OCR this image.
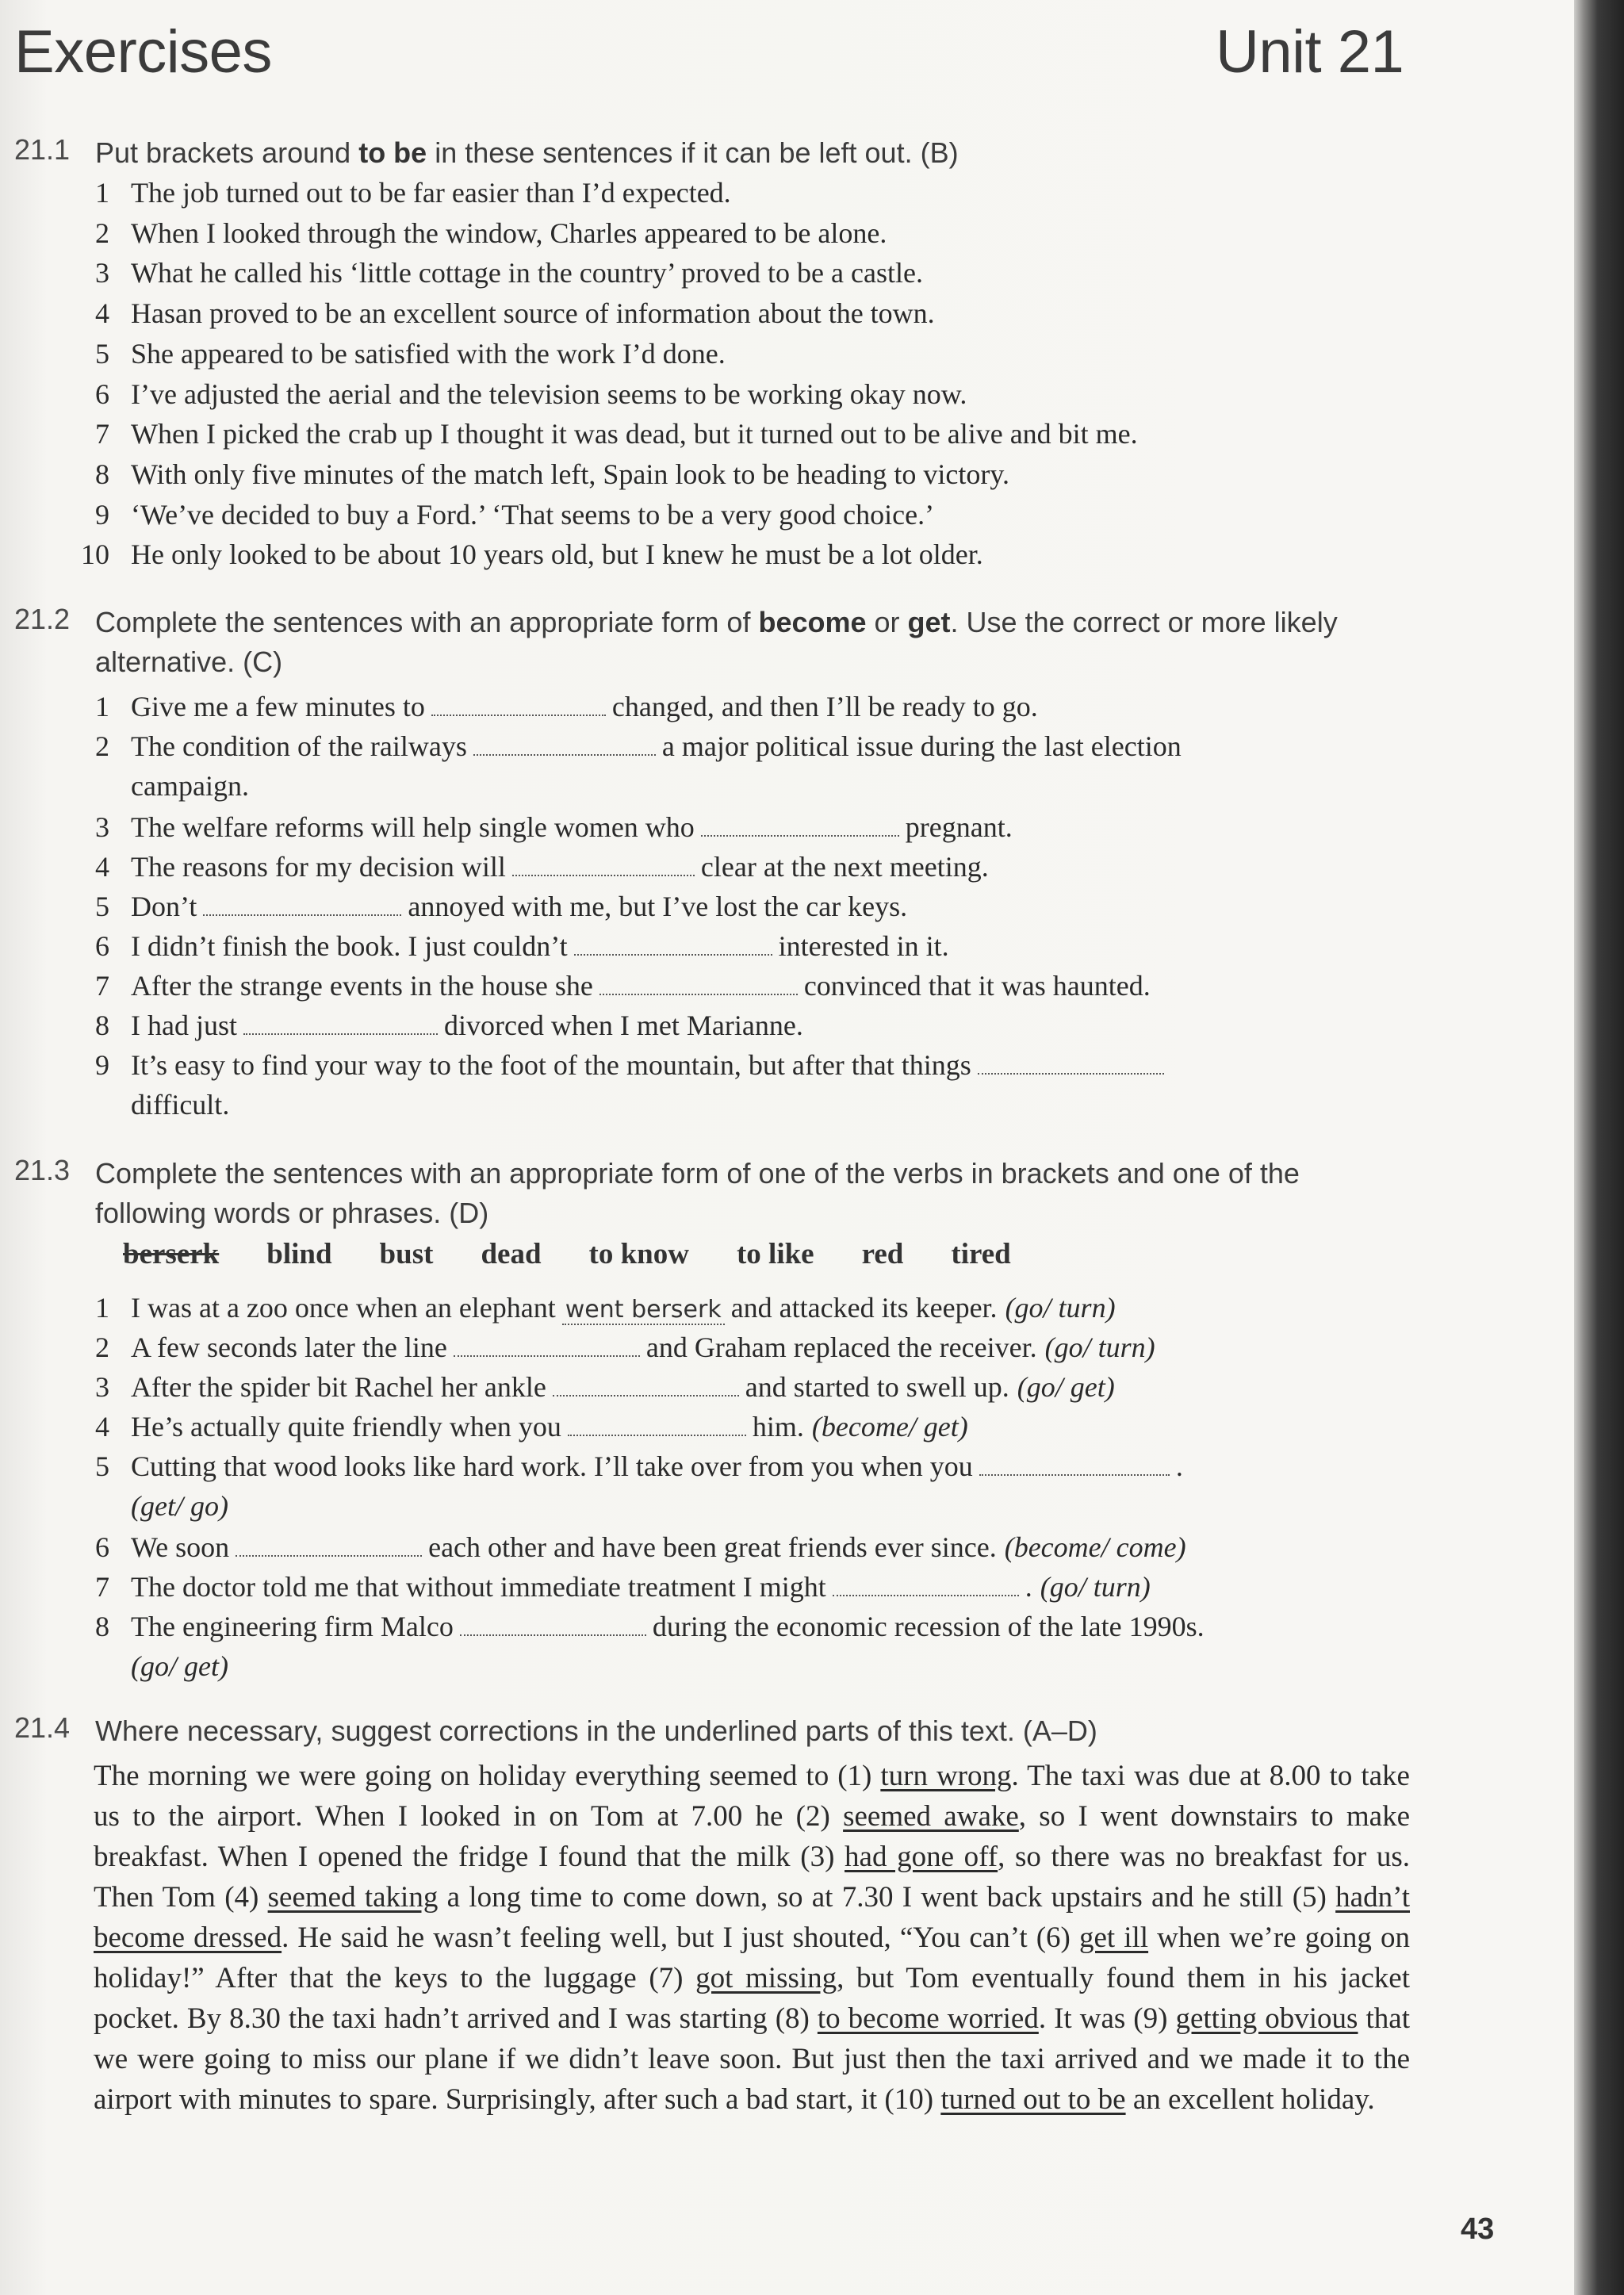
Exercises	Unit 21
21.1 Put brackets around to be in these sentences if it can be left out. (B)
1 The job turned out to be far easier than I’d expected.
2 When I looked through the window, Charles appeared to be alone.
3 What he called his ‘little cottage in the country’ proved to be a castle.
4 Hasan proved to be an excellent source of information about the town.
5 She appeared to be satisfied with the work I’d done.
6 I’ve adjusted the aerial and the television seems to be working okay now.
7 When I picked the crab up I thought it was dead, but it turned out to be alive and bit me.
8 With only five minutes of the match left, Spain look to be heading to victory.
9 ‘We’ve decided to buy a Ford.’ ‘That seems to be a very good choice.’
10 He only looked to be about 10 years old, but I knew he must be a lot older.
21.2 Complete the sentences with an appropriate form of become or get. Use the correct or more likely alternative. (C)
1 Give me a few minutes to	changed, and then I’ll be ready to go.
2 The condition of the railways	a major political issue during the last election
campaign.
3 The welfare reforms will help single women who	pregnant.
4 The reasons for my decision will	clear at the next meeting.
5 Don’t	annoyed with me, but I’ve lost the car keys.
6 I didn’t finish the book. I just couldn’t	interested in it.
7 After the strange events in the house she	convinced that it was haunted.
8 I had just	divorced when I met Marianne.
9 It’s easy to find your way to the foot of the mountain, but after that things
difficult.
21.3 Complete the sentences with an appropriate form of one of the verbs in brackets and one of the following words or phrases. (D)
berserk blind bust dead to know to like red tired
1 I was at a zoo once when an elephant went berserk and attacked its keeper. (go/ turn)
2 A few seconds later the line	and Graham replaced the receiver. (go/ turn)
3 After the spider bit Rachel her ankle	and started to swell up. (go/ get)
4 He’s actually quite friendly when you	him. (become/ get)
5 Cutting that wood looks like hard work. I’ll take over from you when you	.
(get/ go)
6 We soon	each other and have been great friends ever since. (become/ come)
7 The doctor told me that without immediate treatment I might	. (go/ turn)
8 The engineering firm Malco	during the economic recession of the late 1990s.
(go/ get)
21.4 Where necessary, suggest corrections in the underlined parts of this text. (A–D)
The morning we were going on holiday everything seemed to (1) turn wrong. The taxi was due at 8.00 to take us to the airport. When I looked in on Tom at 7.00 he (2) seemed awake, so I went downstairs to make breakfast. When I opened the fridge I found that the milk (3) had gone off, so there was no breakfast for us. Then Tom (4) seemed taking a long time to come down, so at 7.30 I went back upstairs and he still (5) hadn’t become dressed. He said he wasn’t feeling well, but I just shouted, “You can’t (6) get ill when we’re going on holiday!” After that the keys to the luggage (7) got missing, but Tom eventually found them in his jacket pocket. By 8.30 the taxi hadn’t arrived and I was starting (8) to become worried. It was (9) getting obvious that we were going to miss our plane if we didn’t leave soon. But just then the taxi arrived and we made it to the airport with minutes to spare. Surprisingly, after such a bad start, it (10) turned out to be an excellent holiday.
43
